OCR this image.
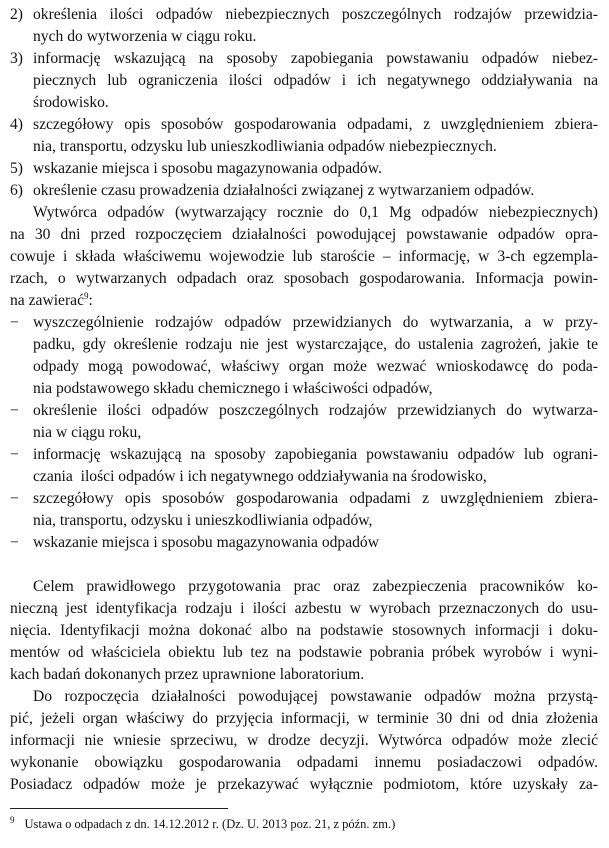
2) określenia ilości odpadów niebezpiecznych poszczególnych rodzajów przewidzia-
nych do wytworzenia w ciągu roku.
3) informację wskazującą na sposoby zapobiegania powstawaniu odpadów niebez-
piecznych lub ograniczenia ilości odpadów i ich negatywnego oddziaływania na
środowisko.
4) szczegółowy opis sposobów gospodarowania odpadami, z uwzględnieniem zbiera-
nia, transportu, odzysku lub unieszkodliwiania odpadów niebezpiecznych.
5) wskazanie miejsca i sposobu magazynowania odpadów.
6) określenie czasu prowadzenia działalności związanej z wytwarzaniem odpadów.
Wytwórca odpadów (wytwarzający rocznie do 0,1 Mg odpadów niebezpiecznych)
na 30 dni przed rozpoczęciem działalności powodującej powstawanie odpadów opra-
cowuje i składa właściwemu wojewodzie lub staroście – informację, w 3-ch egzempla-
rzach, o wytwarzanych odpadach oraz sposobach gospodarowania. Informacja powin-
na zawierać$^9$:
− wyszczególnienie rodzajów odpadów przewidzianych do wytwarzania, a w przy-
padku, gdy określenie rodzaju nie jest wystarczające, do ustalenia zagrożeń, jakie te
odpady mogą powodować, właściwy organ może wezwać wnioskodawcę do poda-
nia podstawowego składu chemicznego i właściwości odpadów,
− określenie ilości odpadów poszczególnych rodzajów przewidzianych do wytwarza-
nia w ciągu roku,
− informację wskazującą na sposoby zapobiegania powstawaniu odpadów lub ograni-
czania  ilości odpadów i ich negatywnego oddziaływania na środowisko,
− szczegółowy opis sposobów gospodarowania odpadami z uwzględnieniem zbiera-
nia, transportu, odzysku i unieszkodliwiania odpadów,
− wskazanie miejsca i sposobu magazynowania odpadów
Celem prawidłowego przygotowania prac oraz zabezpieczenia pracowników ko-
nieczną jest identyfikacja rodzaju i ilości azbestu w wyrobach przeznaczonych do usu-
nięcia. Identyfikacji można dokonać albo na podstawie stosownych informacji i doku-
mentów od właściciela obiektu lub tez na podstawie pobrania próbek wyrobów i wyni-
kach badań dokonanych przez uprawnione laboratorium.
Do rozpoczęcia działalności powodującej powstawanie odpadów można przystą-
pić, jeżeli organ właściwy do przyjęcia informacji, w terminie 30 dni od dnia złożenia
informacji nie wniesie sprzeciwu, w drodze decyzji. Wytwórca odpadów może zlecić
wykonanie obowiązku gospodarowania odpadami innemu posiadaczowi odpadów.
Posiadacz odpadów może je przekazywać wyłącznie podmiotom, które uzyskały za-
$^9$ Ustawa o odpadach z dn. 14.12.2012 r. (Dz. U. 2013 poz. 21, z późn. zm.)
